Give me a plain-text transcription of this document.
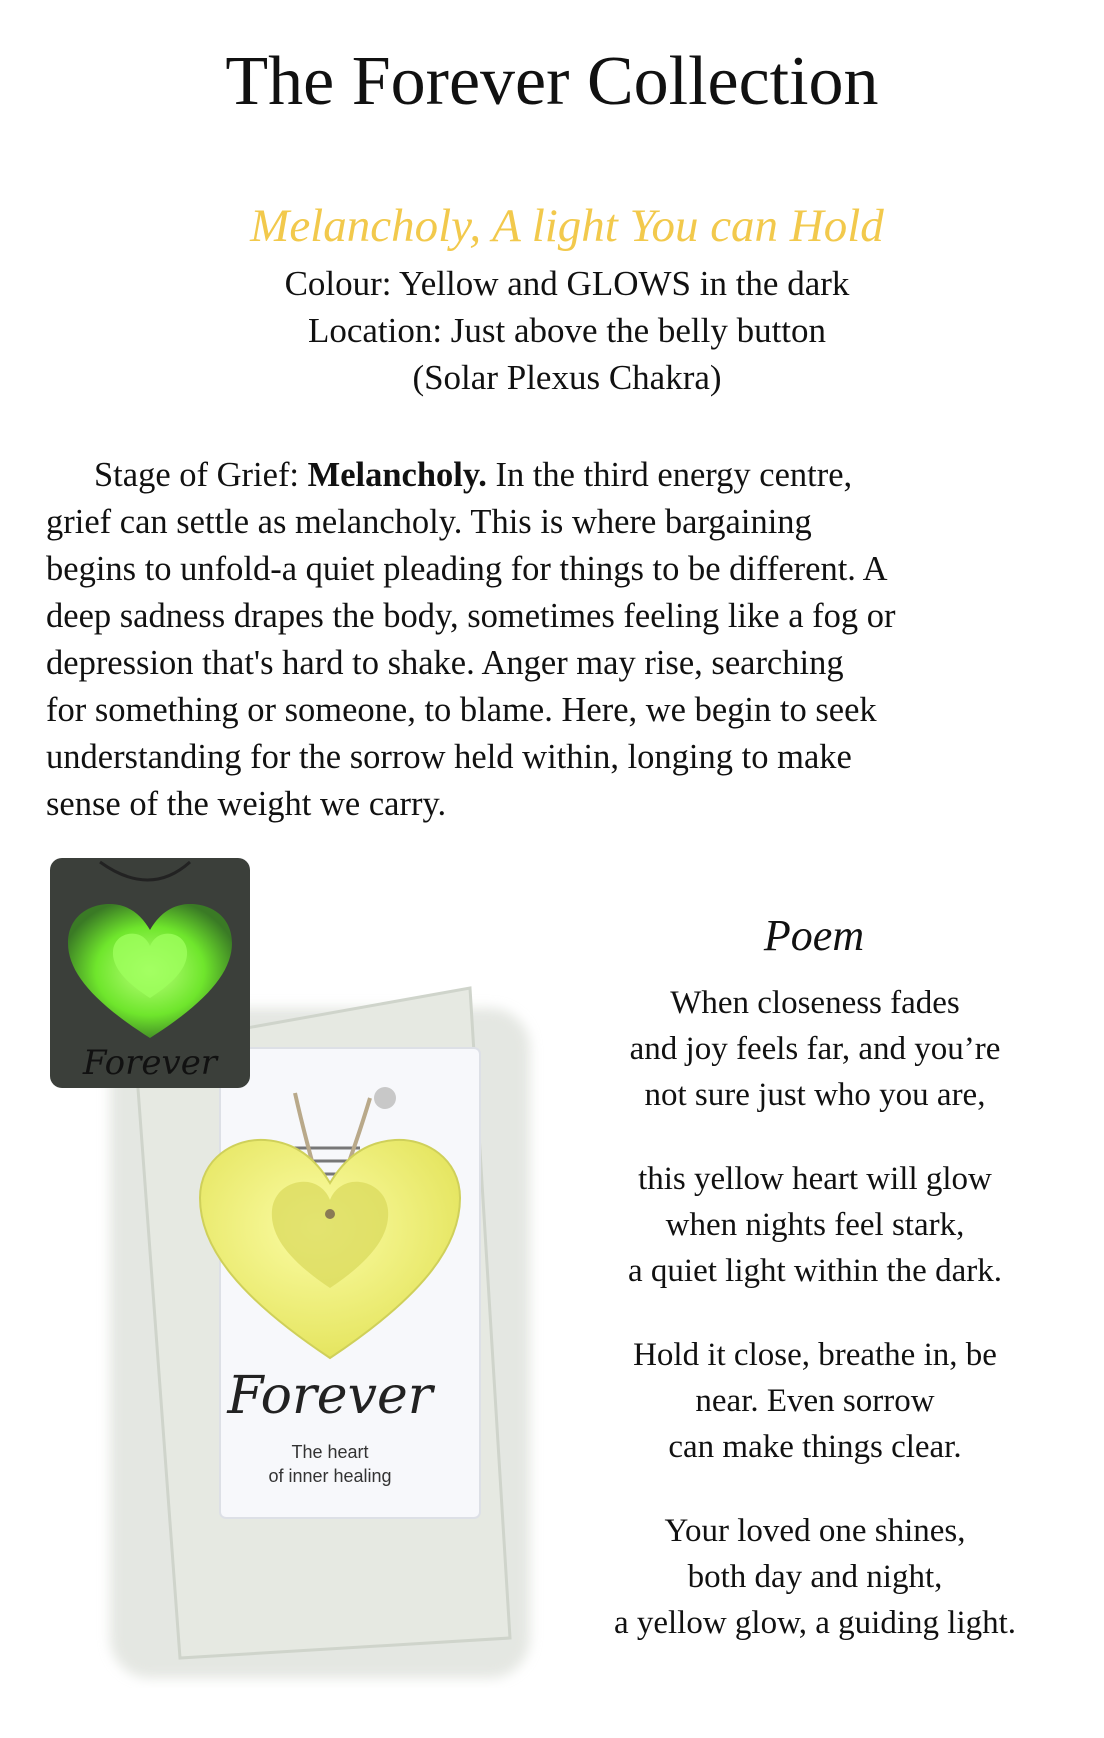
The Forever Collection
Melancholy, A light You can Hold
Colour: Yellow and GLOWS in the dark
Location: Just above the belly button
(Solar Plexus Chakra)
Stage of Grief: Melancholy. In the third energy centre,
grief can settle as melancholy. This is where bargaining
begins to unfold-a quiet pleading for things to be different. A
deep sadness drapes the body, sometimes feeling like a fog or
depression that's hard to shake. Anger may rise, searching
for something or someone, to blame. Here, we begin to seek
understanding for the sorrow held within, longing to make
sense of the weight we carry.
Forever
The heart
of inner healing
Forever
Poem
When closeness fades
and joy feels far, and you’re
not sure just who you are,
this yellow heart will glow
when nights feel stark,
a quiet light within the dark.
Hold it close, breathe in, be
near. Even sorrow
can make things clear.
Your loved one shines,
both day and night,
a yellow glow, a guiding light.
